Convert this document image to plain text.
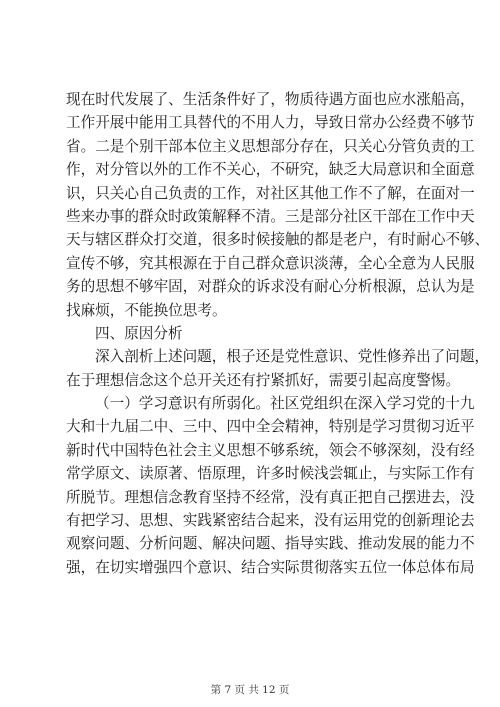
现在时代发展了、生活条件好了，物质待遇方面也应水涨船高，
工作开展中能用工具替代的不用人力，导致日常办公经费不够节
省。二是个别干部本位主义思想部分存在，只关心分管负责的工
作，对分管以外的工作不关心，不研究，缺乏大局意识和全面意
识，只关心自己负责的工作，对社区其他工作不了解，在面对一
些来办事的群众时政策解释不清。三是部分社区干部在工作中天
天与辖区群众打交道，很多时候接触的都是老户，有时耐心不够、
宣传不够，究其根源在于自己群众意识淡薄，全心全意为人民服
务的思想不够牢固，对群众的诉求没有耐心分析根源，总认为是
找麻烦，不能换位思考。
四、原因分析
深入剖析上述问题，根子还是党性意识、党性修养出了问题，
在于理想信念这个总开关还有拧紧抓好，需要引起高度警惕。
（一）学习意识有所弱化。社区党组织在深入学习党的十九
大和十九届二中、三中、四中全会精神，特别是学习贯彻习近平
新时代中国特色社会主义思想不够系统，领会不够深刻，没有经
常学原文、读原著、悟原理，许多时候浅尝辄止，与实际工作有
所脱节。理想信念教育坚持不经常，没有真正把自己摆进去，没
有把学习、思想、实践紧密结合起来，没有运用党的创新理论去
观察问题、分析问题、解决问题、指导实践、推动发展的能力不
强，在切实增强四个意识、结合实际贯彻落实五位一体总体布局
第 7 页 共 12 页
